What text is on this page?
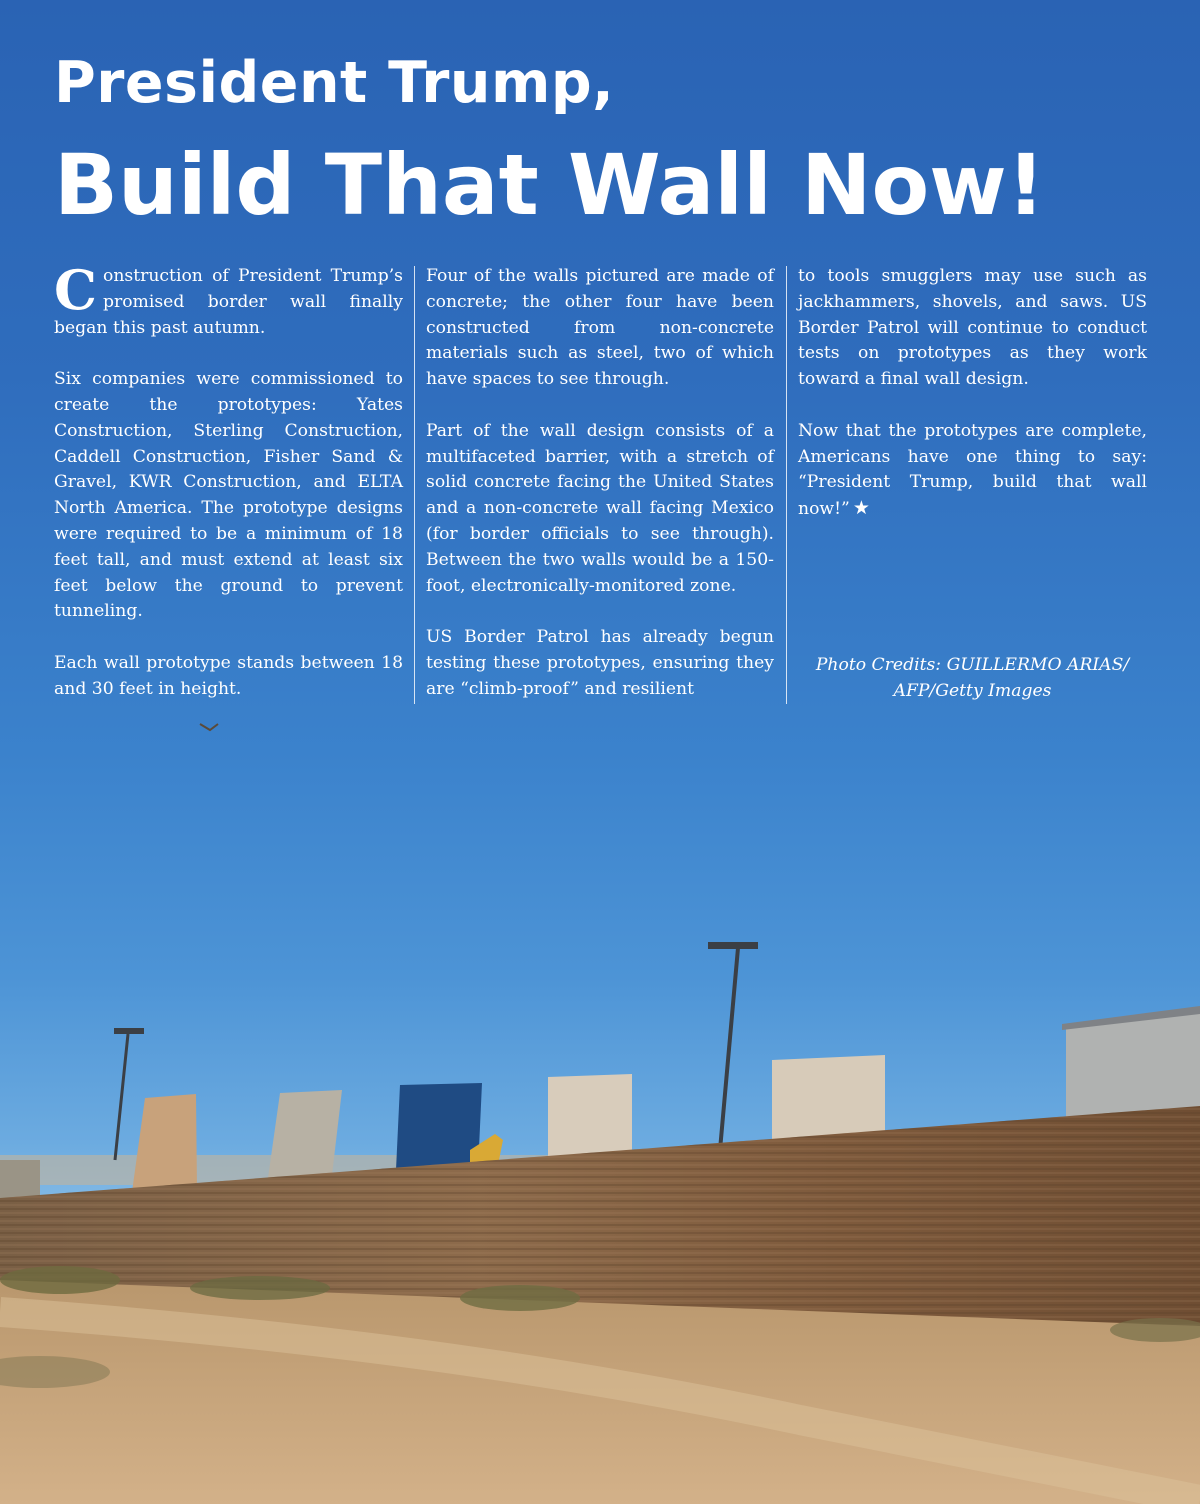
President Trump,
Build That Wall Now!

Construction of President Trump’s promised border wall finally began this past autumn.

Six companies were commissioned to create the prototypes: Yates Construction, Sterling Construction, Caddell Construction, Fisher Sand & Gravel, KWR Construction, and ELTA North America. The prototype designs were required to be a minimum of 18 feet tall, and must extend at least six feet below the ground to prevent tunneling.

Each wall prototype stands between 18 and 30 feet in height.

Four of the walls pictured are made of concrete; the other four have been constructed from non-concrete materials such as steel, two of which have spaces to see through.

Part of the wall design consists of a multifaceted barrier, with a stretch of solid concrete facing the United States and a non-concrete wall facing Mexico (for border officials to see through). Between the two walls would be a 150-foot, electronically-monitored zone.

US Border Patrol has already begun testing these prototypes, ensuring they are “climb-proof” and resilient

to tools smugglers may use such as jackhammers, shovels, and saws. US Border Patrol will continue to conduct tests on prototypes as they work toward a final wall design.

Now that the prototypes are complete, Americans have one thing to say: “President Trump, build that wall now!” ★

Photo Credits: GUILLERMO ARIAS/
AFP/Getty Images
